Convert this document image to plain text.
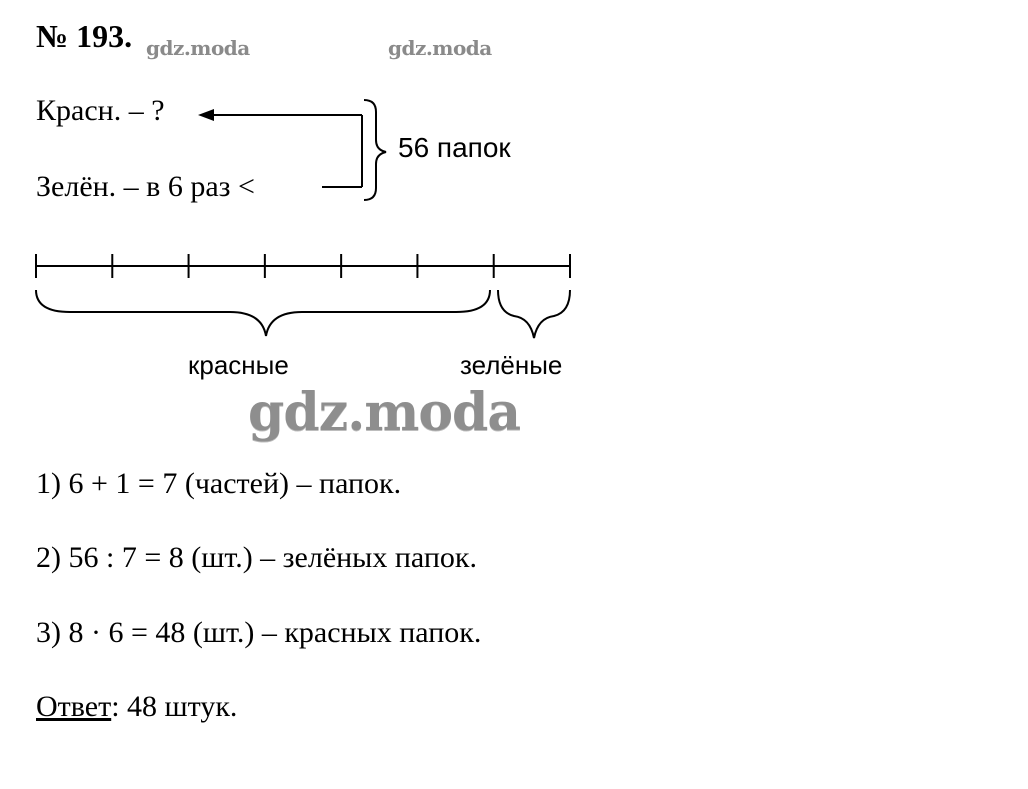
№ 193. gdz.moda	gdz.moda
Красн. – ?
Зелён. – в 6 раз <
56 папок
красные	зелёные
gdz.moda
1) 6 + 1 = 7 (частей) – папок.
2) 56 : 7 = 8 (шт.) – зелёных папок.
3) 8 · 6 = 48 (шт.) – красных папок.
Ответ: 48 штук.
